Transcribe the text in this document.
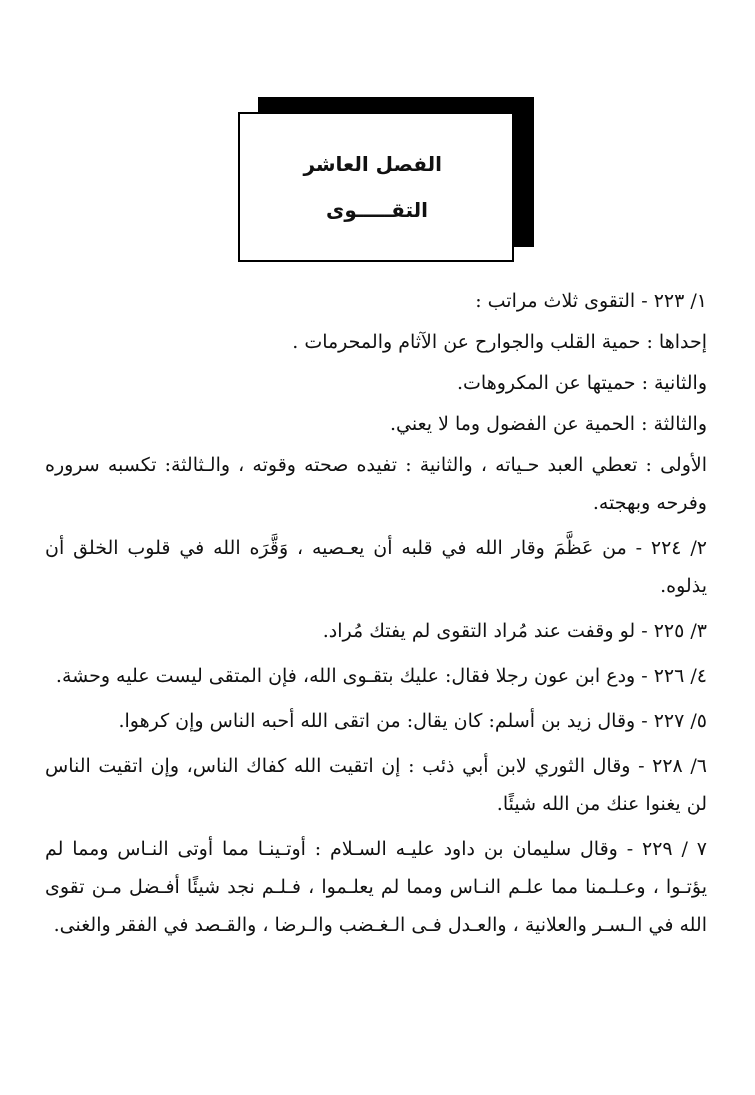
الفصل العاشر
التقـــــوى

١/ ٢٢٣ - التقوى ثلاث مراتب :

إحداها : حمية القلب والجوارح عن الآثام والمحرمات .

والثانية : حميتها عن المكروهات.

والثالثة : الحمية عن الفضول وما لا يعني.

الأولى : تعطي العبد حـياته ، والثانية : تفيده صحته وقوته ، والـثالثة: تكسبه سروره وفرحه وبهجته.

٢/ ٢٢٤ - من عَظَّمَ وقار الله في قلبه أن يعـصيه ، وَقَّرَه الله في قلوب الخلق أن يذلوه.

٣/ ٢٢٥ - لو وقفت عند مُراد التقوى لم يفتك مُراد.

٤/ ٢٢٦ - ودع ابن عون رجلا فقال: عليك بتقـوى الله، فإن المتقى ليست عليه وحشة.

٥/ ٢٢٧ - وقال زيد بن أسلم: كان يقال: من اتقى الله أحبه الناس وإن كرهوا.

٦/ ٢٢٨ - وقال الثوري لابن أبي ذئب : إن اتقيت الله كفاك الناس، وإن اتقيت الناس لن يغنوا عنك من الله شيئًا.

٧ / ٢٢٩ - وقال سليمان بن داود عليـه السـلام : أوتـينـا مما أوتى النـاس ومما لم يؤتـوا ، وعـلـمنا مما علـم النـاس ومما لم يعلـموا ، فـلـم نجد شيئًا أفـضل مـن تقوى الله في الـسـر والعلانية ، والعـدل فـى الـغـضب والـرضا ، والقـصد في الفقر والغنى.
